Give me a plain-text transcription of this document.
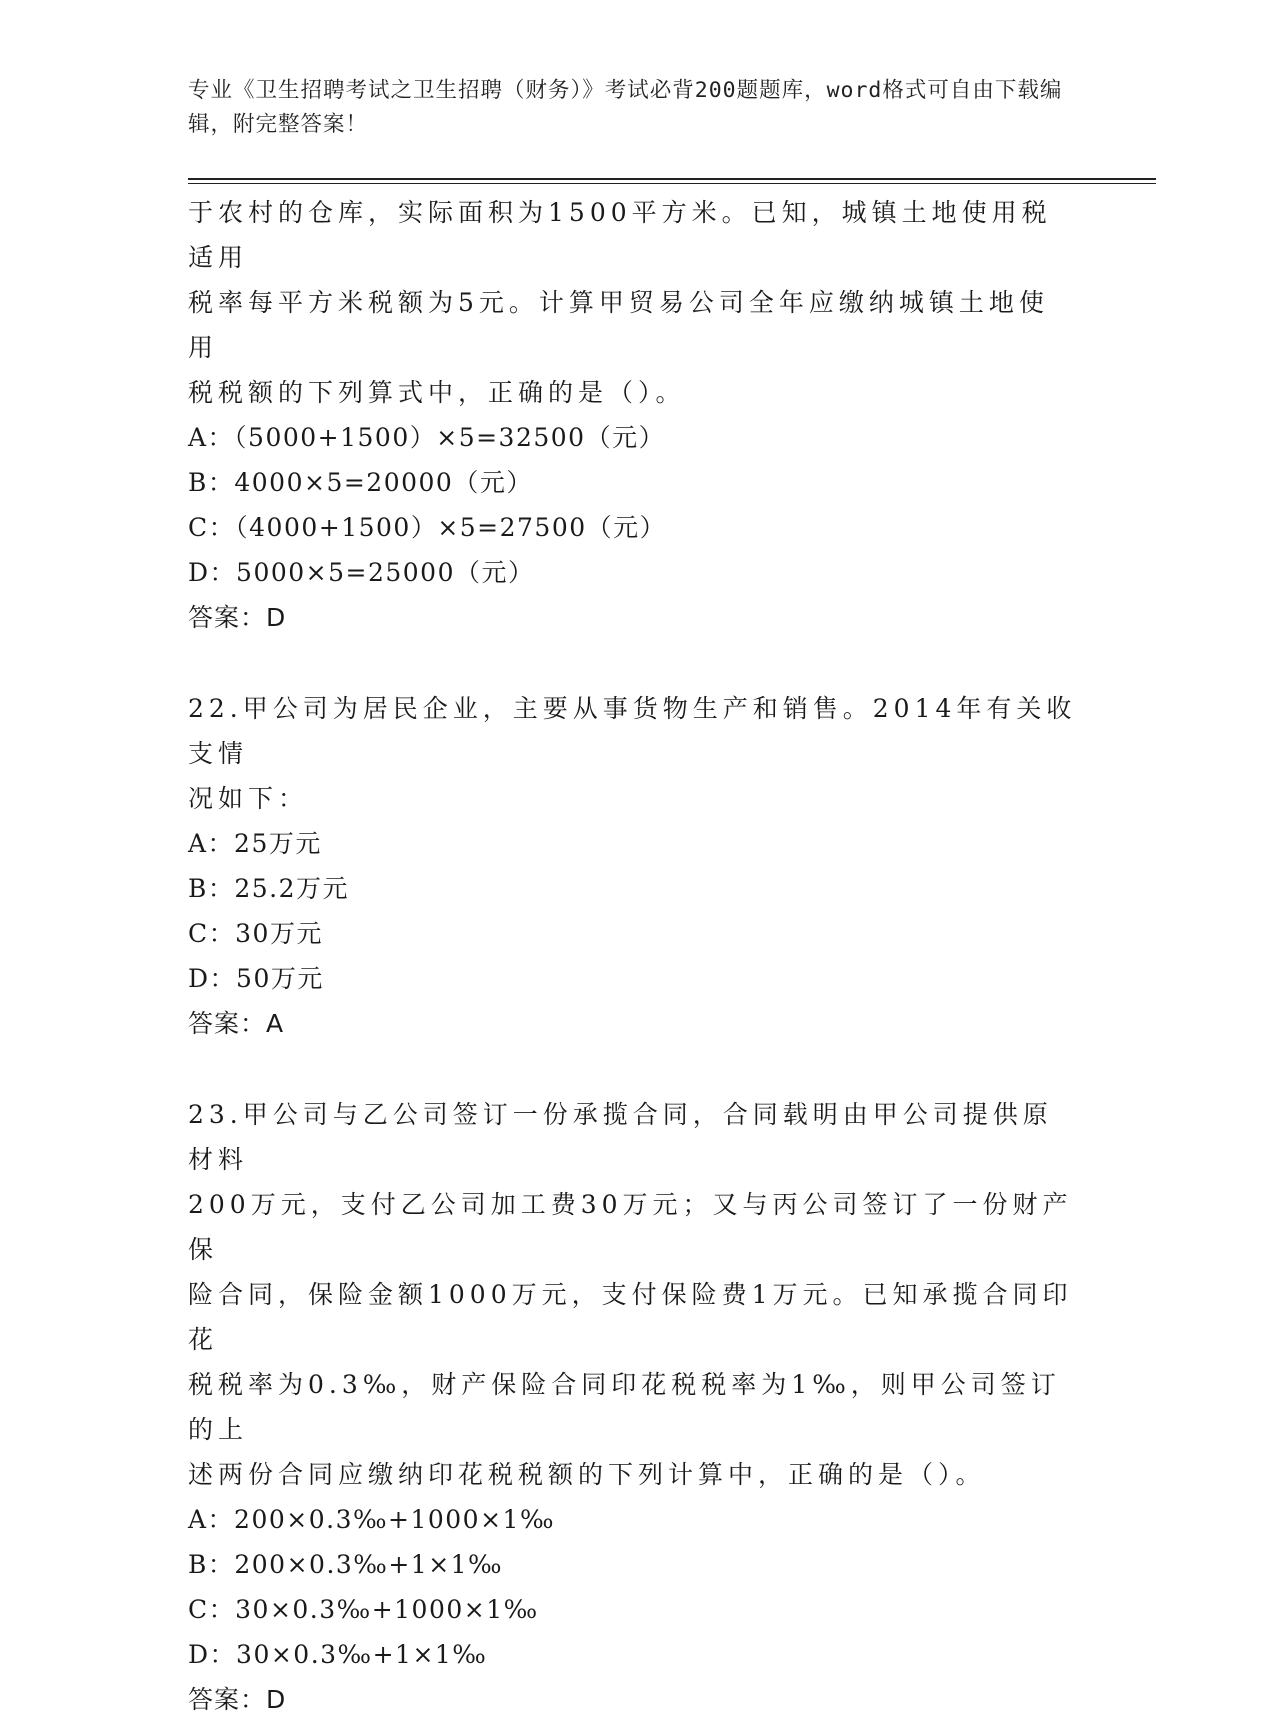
专业《卫生招聘考试之卫生招聘（财务）》考试必背200题题库，word格式可自由下载编辑，附完整答案！

于农村的仓库，实际面积为1500平方米。已知，城镇土地使用税适用

税率每平方米税额为5元。计算甲贸易公司全年应缴纳城镇土地使用

税税额的下列算式中，正确的是（）。

A：（5000+1500）×5=32500（元）

B：4000×5=20000（元）

C：（4000+1500）×5=27500（元）

D：5000×5=25000（元）

答案：D

22.甲公司为居民企业，主要从事货物生产和销售。2014年有关收支情

况如下：

A：25万元

B：25.2万元

C：30万元

D：50万元

答案：A

23.甲公司与乙公司签订一份承揽合同，合同载明由甲公司提供原材料

200万元，支付乙公司加工费30万元；又与丙公司签订了一份财产保

险合同，保险金额1000万元，支付保险费1万元。已知承揽合同印花

税税率为0.3‰，财产保险合同印花税税率为1‰，则甲公司签订的上

述两份合同应缴纳印花税税额的下列计算中，正确的是（）。

A：200×0.3‰+1000×1‰

B：200×0.3‰+1×1‰

C：30×0.3‰+1000×1‰

D：30×0.3‰+1×1‰

答案：D
